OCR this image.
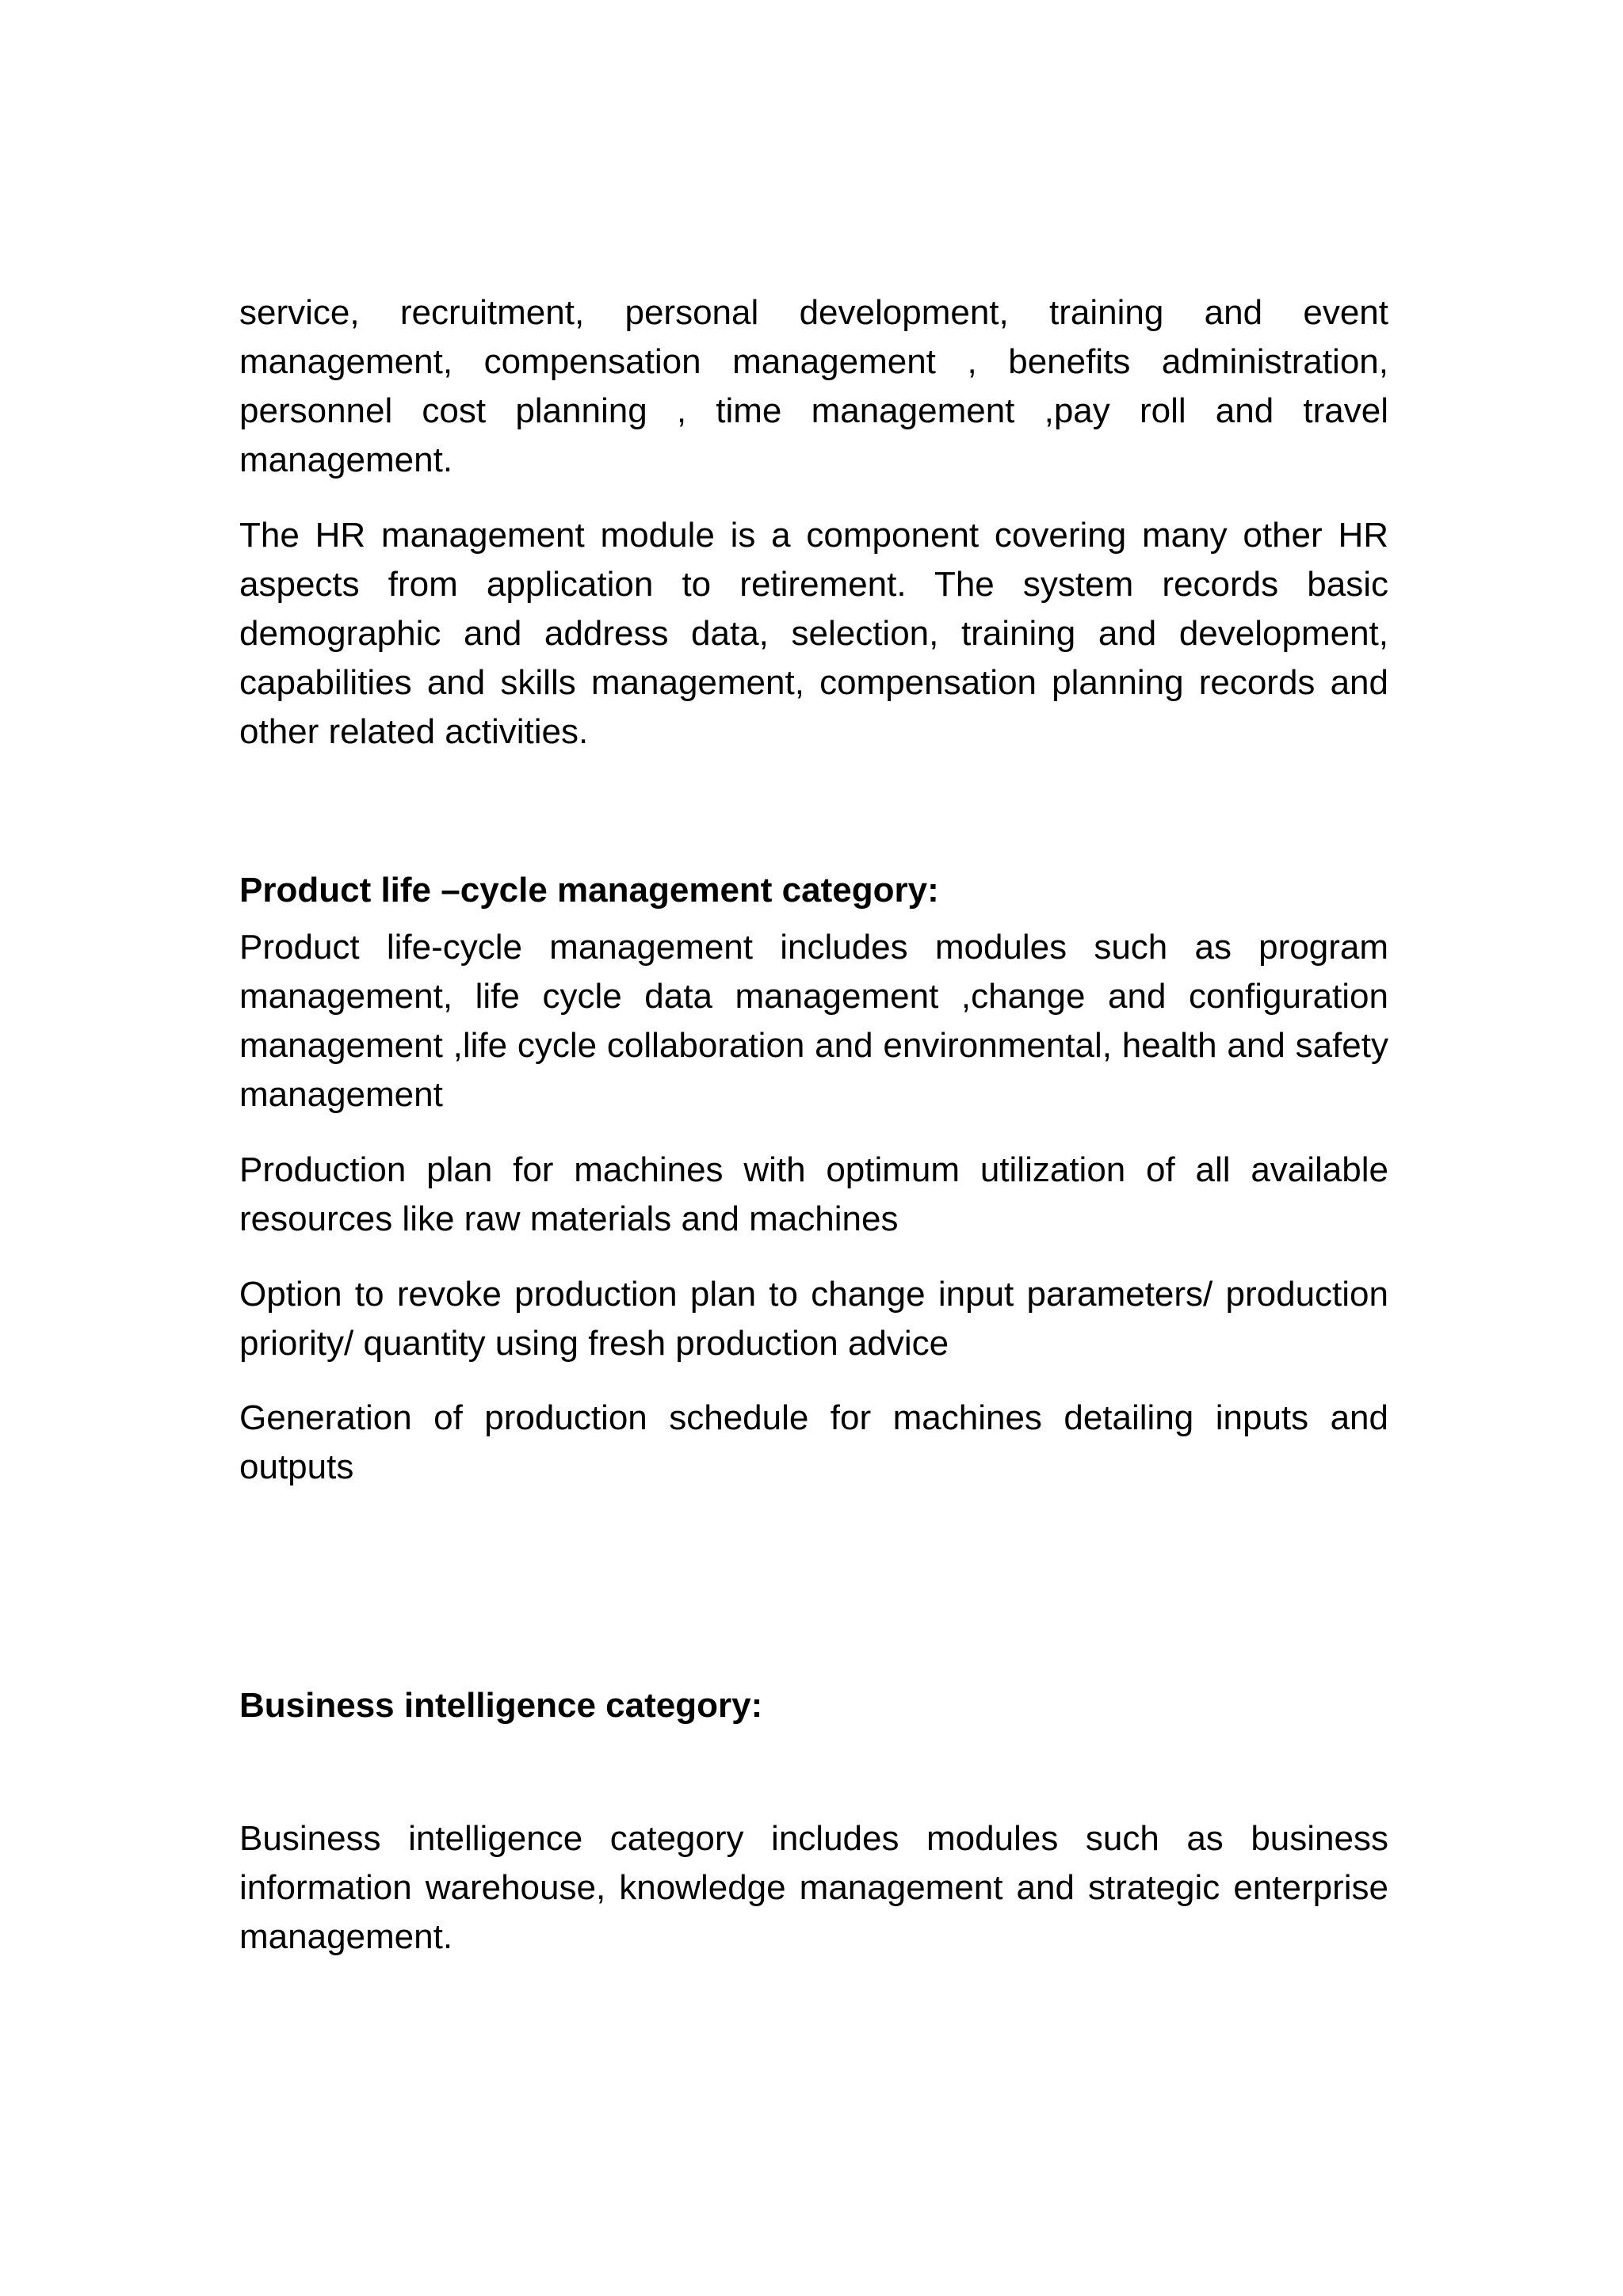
service, recruitment, personal development, training and event management, compensation management , benefits administration, personnel cost planning , time management ,pay roll and travel management.

The HR management module is a component covering many other HR aspects from application to retirement. The system records basic demographic and address data, selection, training and development, capabilities and skills management, compensation planning records and other related activities.

Product life –cycle management category:

Product life-cycle management includes modules such as program management, life cycle data management ,change and configuration management ,life cycle collaboration and environmental, health and safety management

Production plan for machines with optimum utilization of all available resources like raw materials and machines

Option to revoke production plan to change input parameters/ production priority/ quantity using fresh production advice

Generation of production schedule for machines detailing inputs and outputs

Business intelligence category:

Business intelligence category includes modules such as business information warehouse, knowledge management and strategic enterprise management.
